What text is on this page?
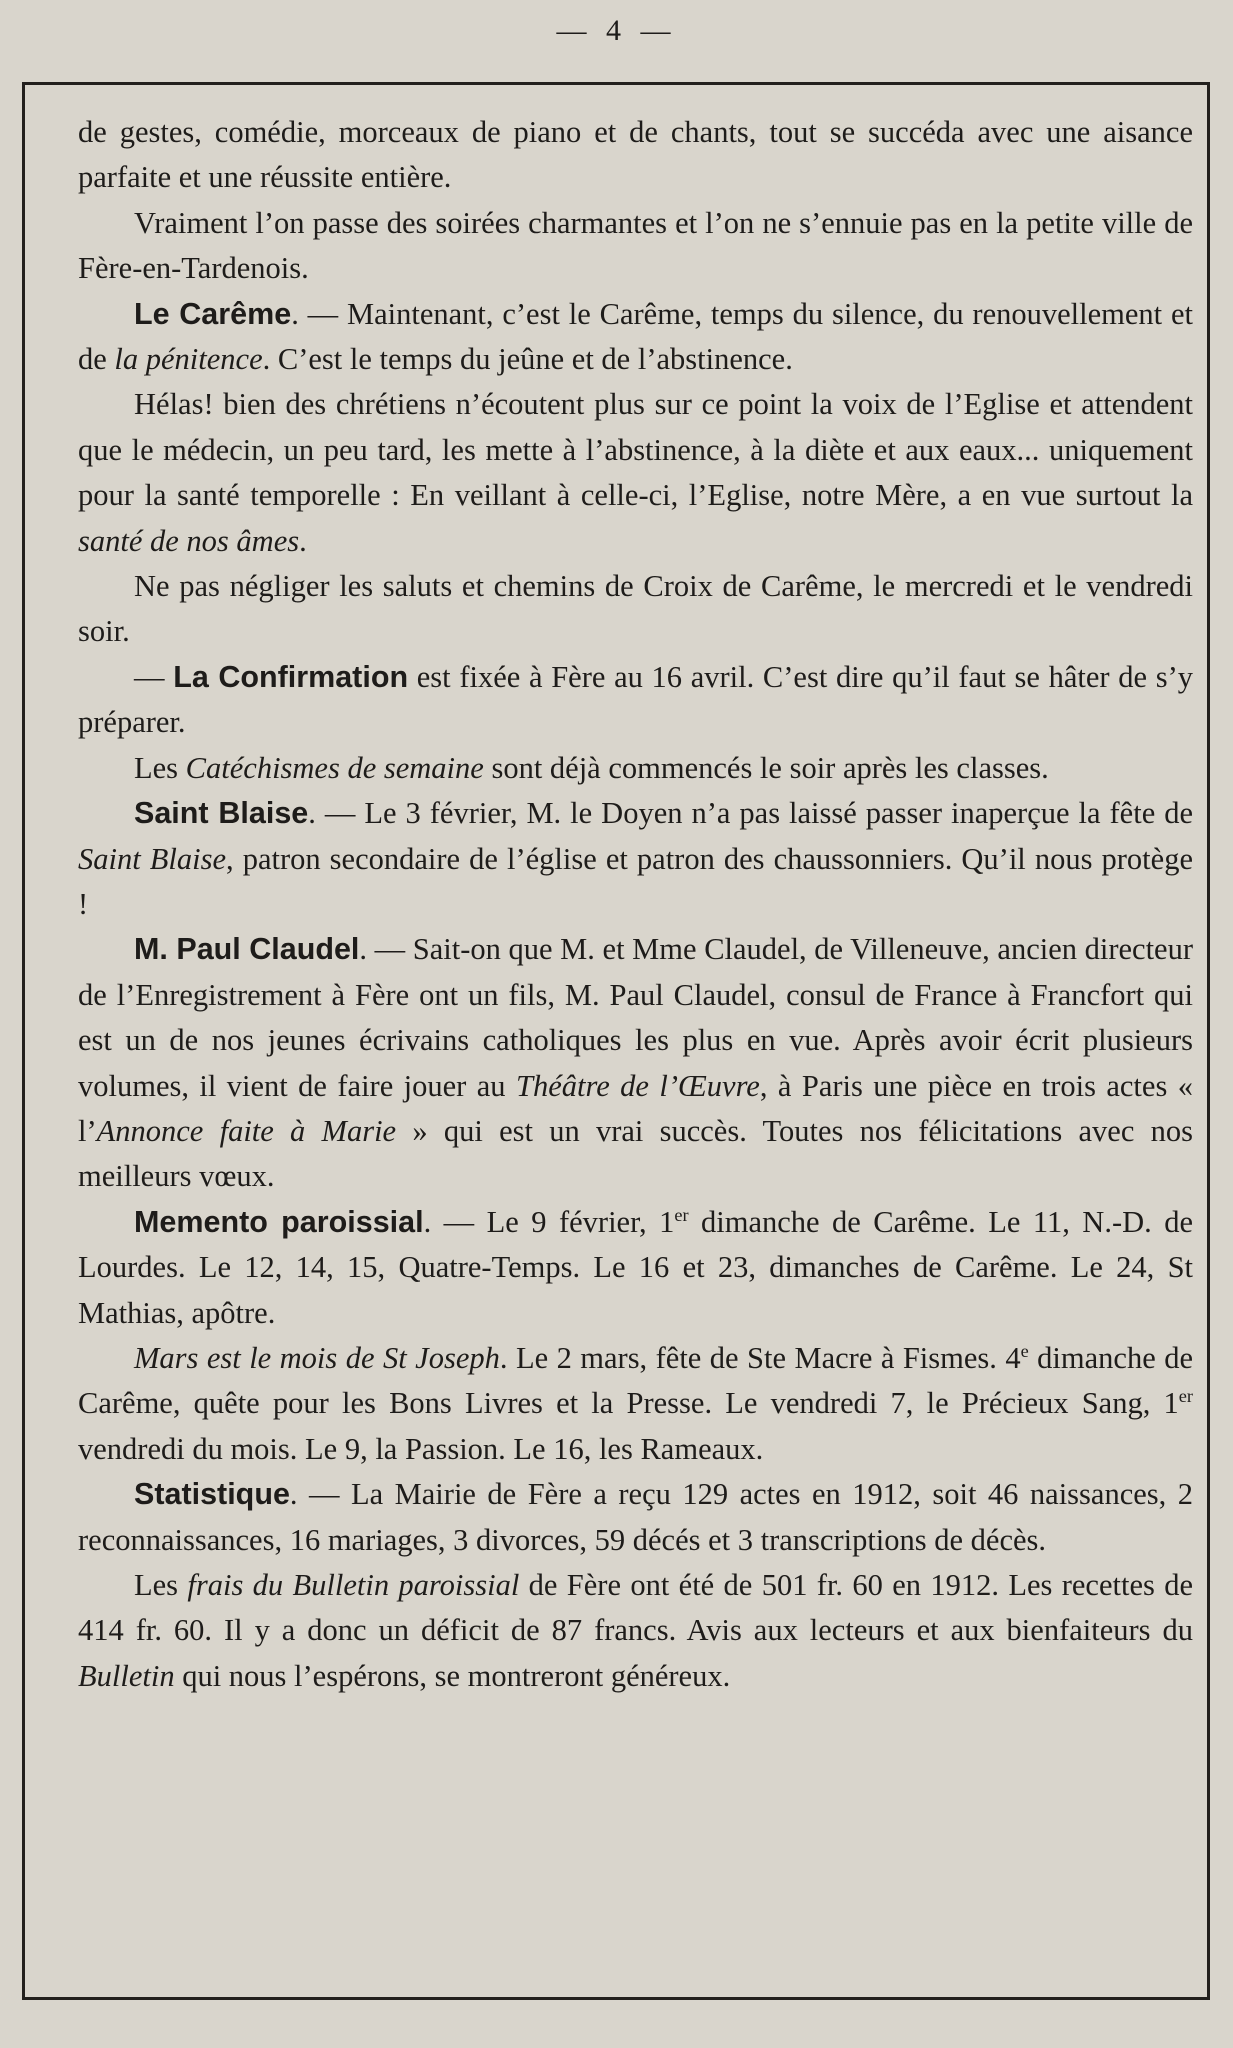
— 4 —

de gestes, comédie, morceaux de piano et de chants, tout se succéda avec une aisance parfaite et une réussite entière.

Vraiment l’on passe des soirées charmantes et l’on ne s’ennuie pas en la petite ville de Fère-en-Tardenois.

Le Carême. — Maintenant, c’est le Carême, temps du silence, du renouvellement et de la pénitence. C’est le temps du jeûne et de l’abstinence.

Hélas! bien des chrétiens n’écoutent plus sur ce point la voix de l’Eglise et attendent que le médecin, un peu tard, les mette à l’abstinence, à la diète et aux eaux... uniquement pour la santé temporelle : En veillant à celle-ci, l’Eglise, notre Mère, a en vue surtout la santé de nos âmes.

Ne pas négliger les saluts et chemins de Croix de Carême, le mercredi et le vendredi soir.

— La Confirmation est fixée à Fère au 16 avril. C’est dire qu’il faut se hâter de s’y préparer.

Les Catéchismes de semaine sont déjà commencés le soir après les classes.

Saint Blaise. — Le 3 février, M. le Doyen n’a pas laissé passer inaperçue la fête de Saint Blaise, patron secondaire de l’église et patron des chaussonniers. Qu’il nous protège !

M. Paul Claudel. — Sait-on que M. et Mme Claudel, de Villeneuve, ancien directeur de l’Enregistrement à Fère ont un fils, M. Paul Claudel, consul de France à Francfort qui est un de nos jeunes écrivains catholiques les plus en vue. Après avoir écrit plusieurs volumes, il vient de faire jouer au Théâtre de l’Œuvre, à Paris une pièce en trois actes « l’Annonce faite à Marie » qui est un vrai succès. Toutes nos félicitations avec nos meilleurs vœux.

Memento paroissial. — Le 9 février, 1er dimanche de Carême. Le 11, N.-D. de Lourdes. Le 12, 14, 15, Quatre-Temps. Le 16 et 23, dimanches de Carême. Le 24, St Mathias, apôtre.

Mars est le mois de St Joseph. Le 2 mars, fête de Ste Macre à Fismes. 4e dimanche de Carême, quête pour les Bons Livres et la Presse. Le vendredi 7, le Précieux Sang, 1er vendredi du mois. Le 9, la Passion. Le 16, les Rameaux.

Statistique. — La Mairie de Fère a reçu 129 actes en 1912, soit 46 naissances, 2 reconnaissances, 16 mariages, 3 divorces, 59 décés et 3 transcriptions de décès.

Les frais du Bulletin paroissial de Fère ont été de 501 fr. 60 en 1912. Les recettes de 414 fr. 60. Il y a donc un déficit de 87 francs. Avis aux lecteurs et aux bienfaiteurs du Bulletin qui nous l’espérons, se montreront généreux.
